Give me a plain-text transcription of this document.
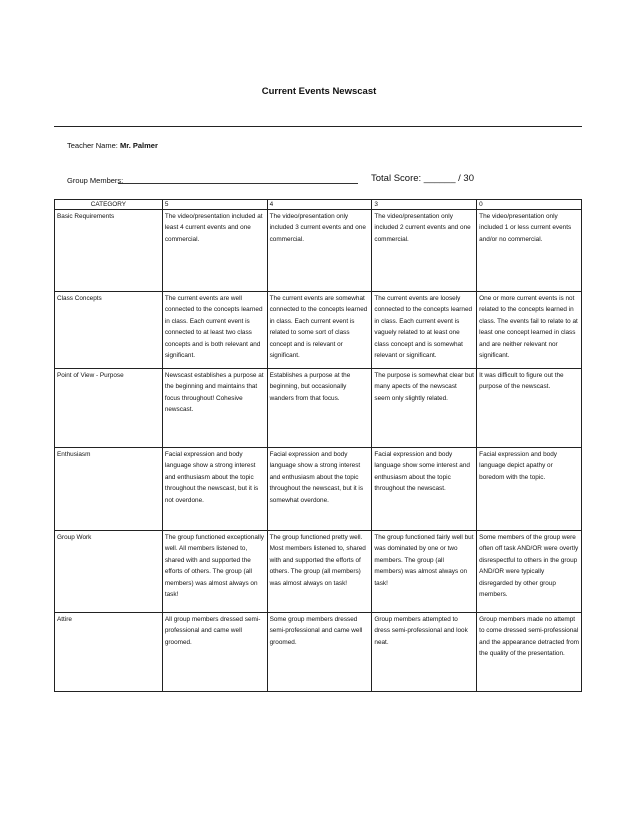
Current Events Newscast
Teacher Name: Mr. Palmer
Group Members:	Total Score: ______ / 30
CATEGORY	5	4	3	0
Basic Requirements	The video/presentation included at least 4 current events and one commercial.	The video/presentation only included 3 current events and one commercial.	The video/presentation only included 2 current events and one commercial.	The video/presentation only included 1 or less current events and/or no commercial.
Class Concepts	The current events are well connected to the concepts learned in class. Each current event is connected to at least two class concepts and is both relevant and significant.	The current events are somewhat connected to the concepts learned in class. Each current event is related to some sort of class concept and is relevant or significant.	The current events are loosely connected to the concepts learned in class. Each current event is vaguely related to at least one class concept and is somewhat relevant or significant.	One or more current events is not related to the concepts learned in class. The events fail to relate to at least one concept learned in class and are neither relevant nor significant.
Point of View - Purpose	Newscast establishes a purpose at the beginning and maintains that focus throughout! Cohesive newscast.	Establishes a purpose at the beginning, but occasionally wanders from that focus.	The purpose is somewhat clear but many apects of the newscast seem only slightly related.	It was difficult to figure out the purpose of the newscast.
Enthusiasm	Facial expression and body language show a strong interest and enthusiasm about the topic throughout the newscast, but it is not overdone.	Facial expression and body language show a strong interest and enthusiasm about the topic throughout the newscast, but it is somewhat overdone.	Facial expression and body language show some interest and enthusiasm about the topic throughout the newscast.	Facial expression and body language depict apathy or boredom with the topic.
Group Work	The group functioned exceptionally well. All members listened to, shared with and supported the efforts of others. The group (all members) was almost always on task!	The group functioned pretty well. Most members listened to, shared with and supported the efforts of others. The group (all members) was almost always on task!	The group functioned fairly well but was dominated by one or two members. The group (all members) was almost always on task!	Some members of the group were often off task AND/OR were overtly disrespectful to others in the group AND/OR were typically disregarded by other group members.
Attire	All group members dressed semi-professional and came well groomed.	Some group members dressed semi-professional and came well groomed.	Group members attempted to dress semi-professional and look neat.	Group members made no attempt to come dressed semi-professional and the appearance detracted from the quality of the presentation.
